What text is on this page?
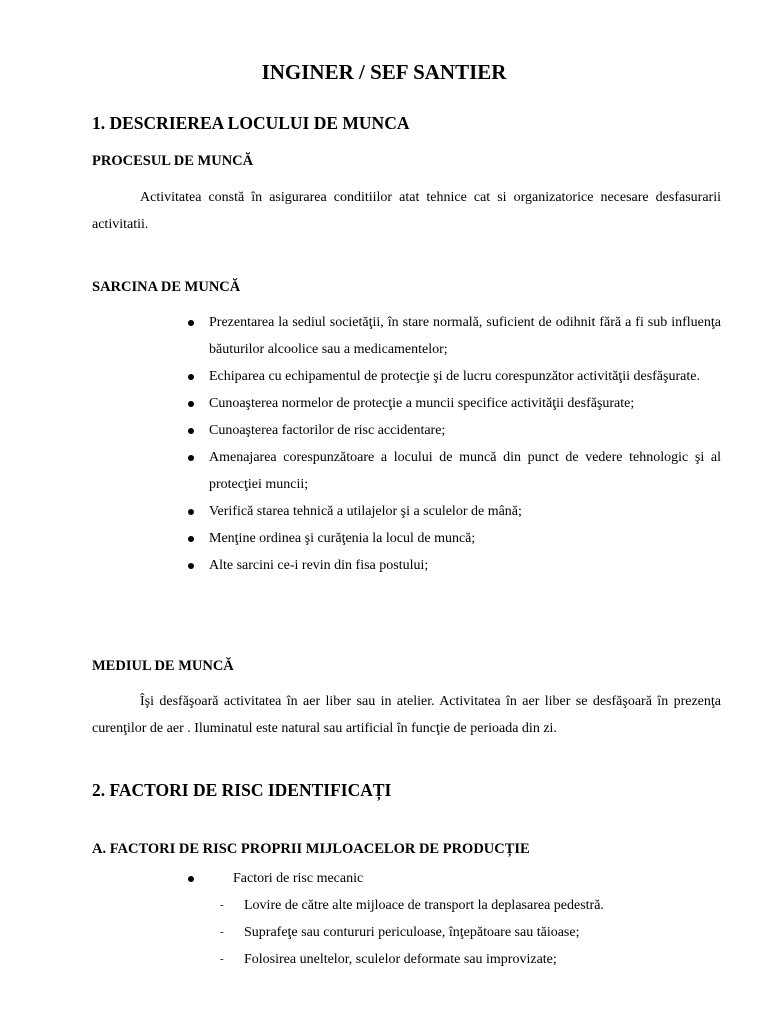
INGINER / SEF SANTIER
1. DESCRIEREA LOCULUI DE MUNCA
PROCESUL DE MUNCĂ
Activitatea constă în asigurarea conditiilor atat tehnice cat si organizatorice necesare desfasurarii activitatii.
SARCINA DE MUNCĂ
Prezentarea la sediul societăţii, în stare normală, suficient de odihnit fără a fi sub influenţa băuturilor alcoolice sau a medicamentelor;
Echiparea cu echipamentul de protecţie şi de lucru corespunzător activităţii desfăşurate.
Cunoaşterea normelor de protecţie a muncii specifice activităţii desfăşurate;
Cunoaşterea factorilor de risc accidentare;
Amenajarea corespunzătoare a locului de muncă din punct de vedere tehnologic şi al protecţiei muncii;
Verifică starea tehnică a utilajelor şi a sculelor de mână;
Menţine ordinea şi curăţenia la locul de muncă;
Alte sarcini ce-i revin din fisa postului;
MEDIUL DE MUNCĂ
Îşi desfăşoară activitatea în aer liber sau in atelier. Activitatea în aer liber se desfăşoară în prezenţa curenţilor de aer . Iluminatul este natural sau artificial în funcţie de perioada din zi.
2. FACTORI DE RISC IDENTIFICAȚI
A. FACTORI DE RISC PROPRII MIJLOACELOR DE PRODUCȚIE
Factori de risc mecanic
- Lovire de către alte mijloace de transport la deplasarea pedestră.
- Suprafeţe sau contururi periculoase, înţepătoare sau tăioase;
- Folosirea uneltelor, sculelor deformate sau improvizate;
